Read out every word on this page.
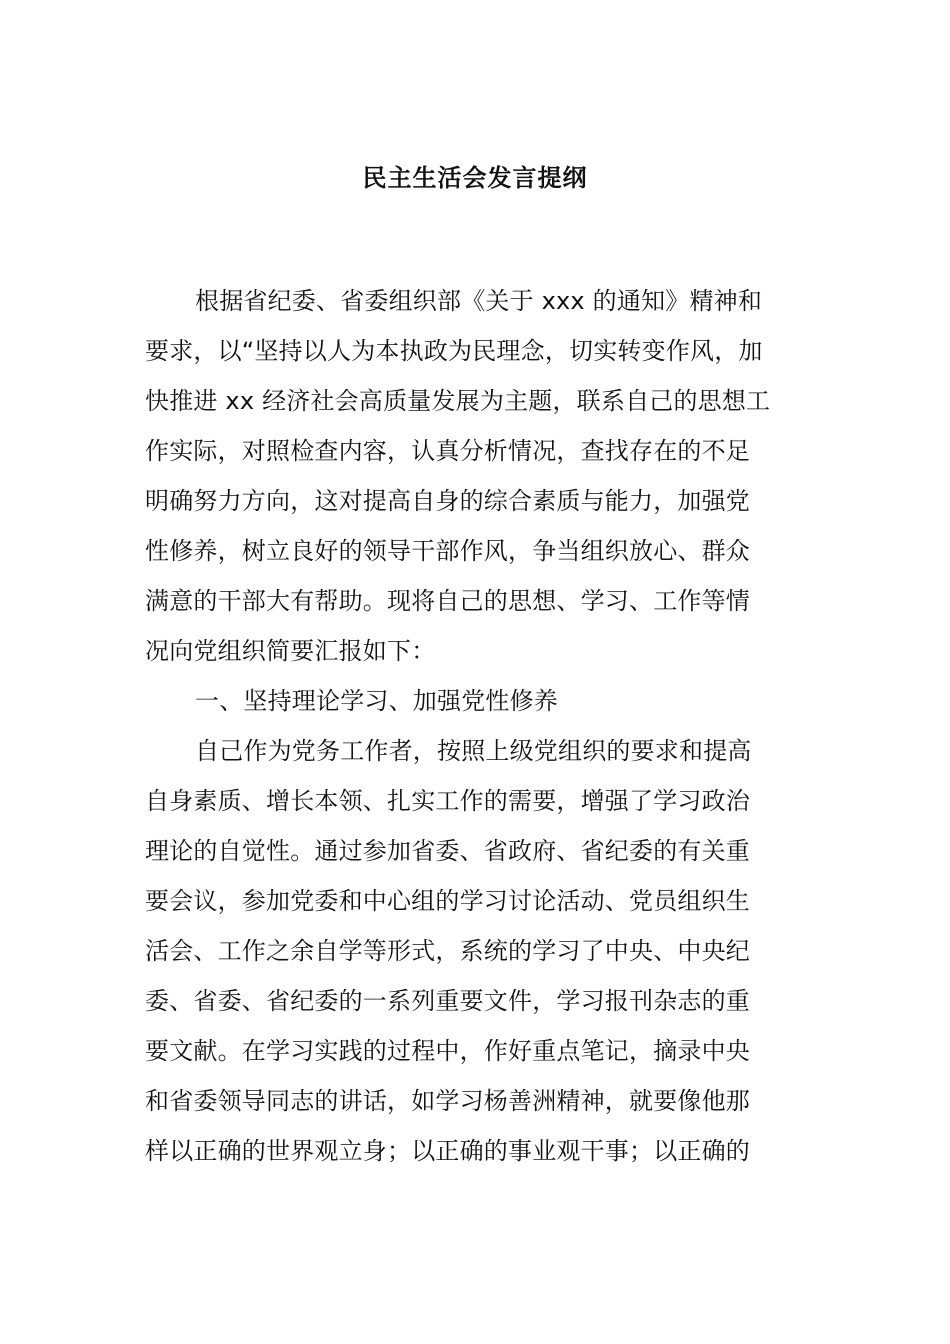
民主生活会发言提纲
根据省纪委、省委组织部《关于 xxx 的通知》精神和
要求，以“坚持以人为本执政为民理念，切实转变作风，加
快推进 xx 经济社会高质量发展为主题，联系自己的思想工
作实际，对照检查内容，认真分析情况，查找存在的不足
明确努力方向，这对提高自身的综合素质与能力，加强党
性修养，树立良好的领导干部作风，争当组织放心、群众
满意的干部大有帮助。现将自己的思想、学习、工作等情
况向党组织简要汇报如下：
一、坚持理论学习、加强党性修养
自己作为党务工作者，按照上级党组织的要求和提高
自身素质、增长本领、扎实工作的需要，增强了学习政治
理论的自觉性。通过参加省委、省政府、省纪委的有关重
要会议，参加党委和中心组的学习讨论活动、党员组织生
活会、工作之余自学等形式，系统的学习了中央、中央纪
委、省委、省纪委的一系列重要文件，学习报刊杂志的重
要文献。在学习实践的过程中，作好重点笔记，摘录中央
和省委领导同志的讲话，如学习杨善洲精神，就要像他那
样以正确的世界观立身；以正确的事业观干事；以正确的
